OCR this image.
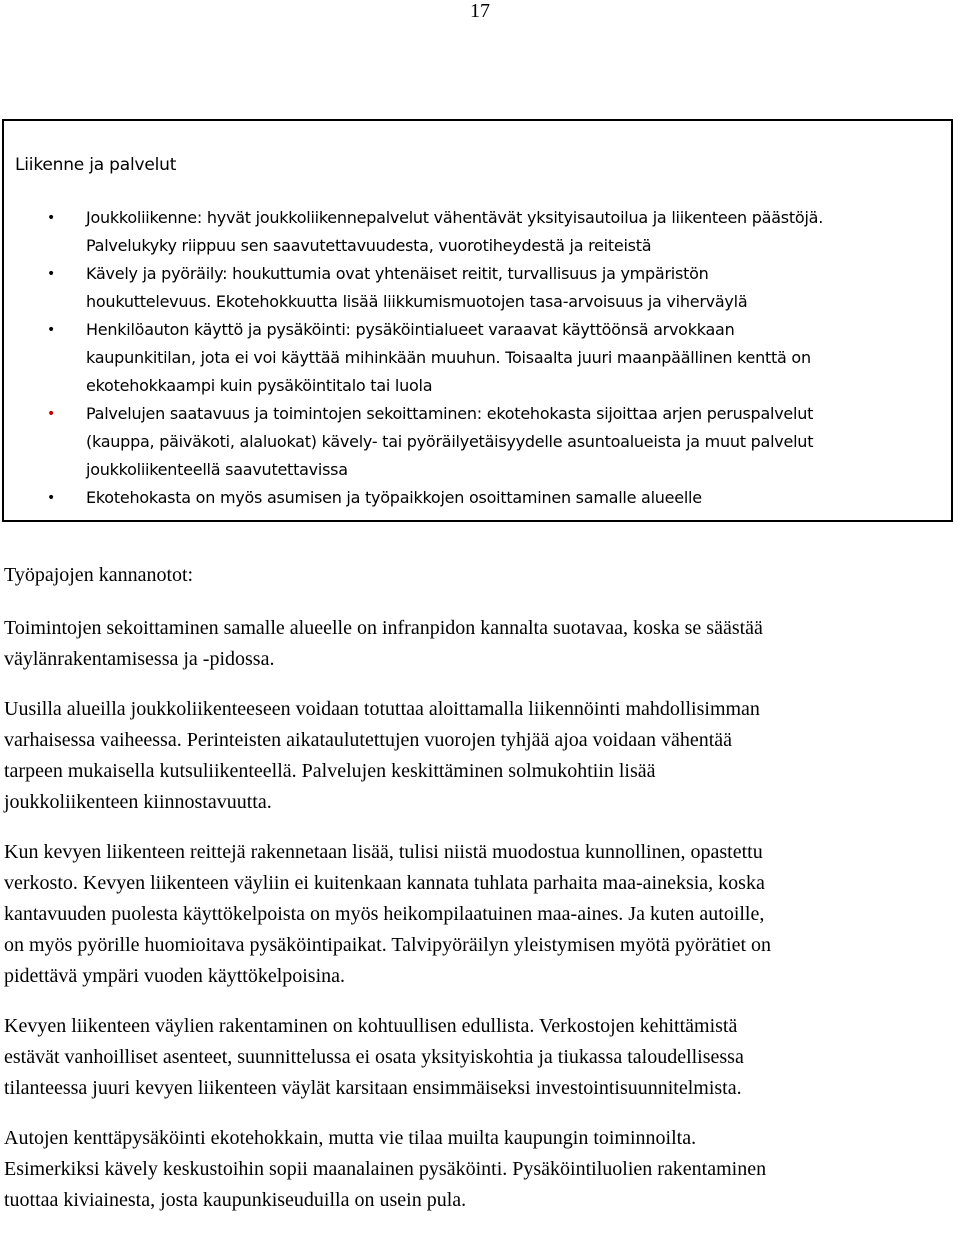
17
Liikenne ja palvelut
• Joukkoliikenne: hyvät joukkoliikennepalvelut vähentävät yksityisautoilua ja liikenteen päästöjä.
Palvelukyky riippuu sen saavutettavuudesta, vuorotiheydestä ja reiteistä
• Kävely ja pyöräily: houkuttumia ovat yhtenäiset reitit, turvallisuus ja ympäristön
houkuttelevuus. Ekotehokkuutta lisää liikkumismuotojen tasa-arvoisuus ja viherväylä
• Henkilöauton käyttö ja pysäköinti: pysäköintialueet varaavat käyttöönsä arvokkaan
kaupunkitilan, jota ei voi käyttää mihinkään muuhun. Toisaalta juuri maanpäällinen kenttä on
ekotehokkaampi kuin pysäköintitalo tai luola
• Palvelujen saatavuus ja toimintojen sekoittaminen: ekotehokasta sijoittaa arjen peruspalvelut
(kauppa, päiväkoti, alaluokat) kävely- tai pyöräilyetäisyydelle asuntoalueista ja muut palvelut
joukkoliikenteellä saavutettavissa
• Ekotehokasta on myös asumisen ja työpaikkojen osoittaminen samalle alueelle

Työpajojen kannanotot:

Toimintojen sekoittaminen samalle alueelle on infranpidon kannalta suotavaa, koska se säästää
väylänrakentamisessa ja -pidossa.

Uusilla alueilla joukkoliikenteeseen voidaan totuttaa aloittamalla liikennöinti mahdollisimman
varhaisessa vaiheessa. Perinteisten aikataulutettujen vuorojen tyhjää ajoa voidaan vähentää
tarpeen mukaisella kutsuliikenteellä. Palvelujen keskittäminen solmukohtiin lisää
joukkoliikenteen kiinnostavuutta.

Kun kevyen liikenteen reittejä rakennetaan lisää, tulisi niistä muodostua kunnollinen, opastettu
verkosto. Kevyen liikenteen väyliin ei kuitenkaan kannata tuhlata parhaita maa-aineksia, koska
kantavuuden puolesta käyttökelpoista on myös heikompilaatuinen maa-aines. Ja kuten autoille,
on myös pyörille huomioitava pysäköintipaikat. Talvipyöräilyn yleistymisen myötä pyörätiet on
pidettävä ympäri vuoden käyttökelpoisina.

Kevyen liikenteen väylien rakentaminen on kohtuullisen edullista. Verkostojen kehittämistä
estävät vanhoilliset asenteet, suunnittelussa ei osata yksityiskohtia ja tiukassa taloudellisessa
tilanteessa juuri kevyen liikenteen väylät karsitaan ensimmäiseksi investointisuunnitelmista.

Autojen kenttäpysäköinti ekotehokkain, mutta vie tilaa muilta kaupungin toiminnoilta.
Esimerkiksi kävely keskustoihin sopii maanalainen pysäköinti. Pysäköintiluolien rakentaminen
tuottaa kiviainesta, josta kaupunkiseuduilla on usein pula.
